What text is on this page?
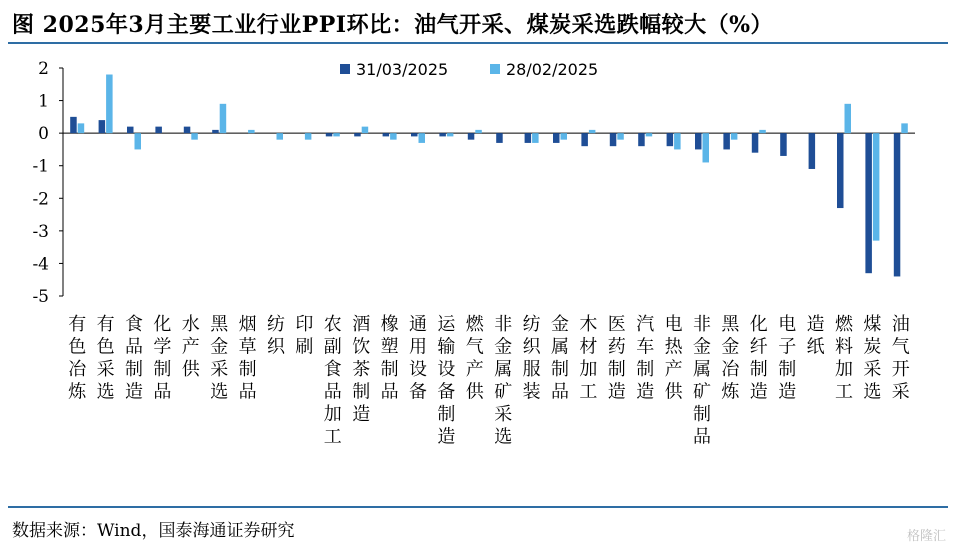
图 2025年3月主要工业行业PPI环比：油气开采、煤炭采选跌幅较大（%）
2
1
0
-1
-2
-3
-4
-5
有色冶炼
有色采选
食品制造
化学制品
水产供
黑金采选
烟草制品
纺织
印刷
农副食品加工
酒饮茶制造
橡塑制品
通用设备
运输设备制造
燃气产供
非金属矿采选
纺织服装
金属制品
木材加工
医药制造
汽车制造
电热产供
非金属矿制品
黑金冶炼
化纤制造
电子制造
造纸
燃料加工
煤炭采选
油气开采
31/03/2025	28/02/2025
数据来源：Wind，国泰海通证券研究	格隆汇
